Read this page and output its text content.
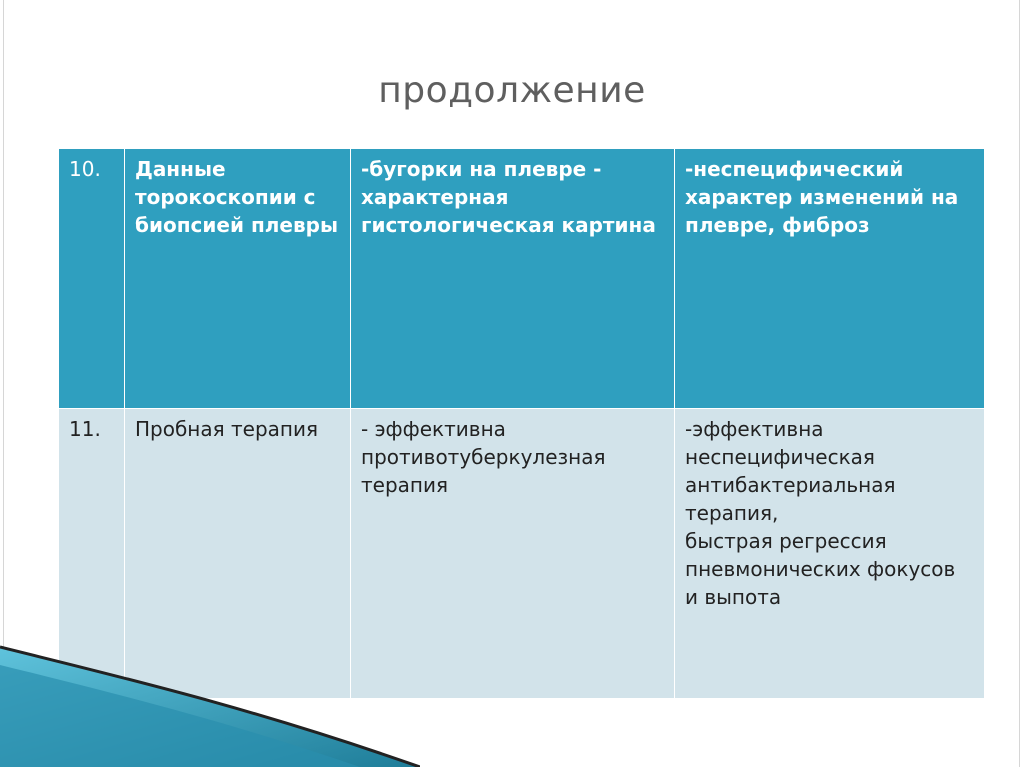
продолжение
10.	Данные торокоскопии с биопсией плевры	-бугорки на плевре - характерная гистологическая картина	-неспецифический характер изменений на плевре, фиброз
11.	Пробная терапия	- эффективна противотуберкулезная терапия	-эффективна неспецифическая антибактериальная терапия,
быстрая регрессия пневмонических фокусов
и выпота
